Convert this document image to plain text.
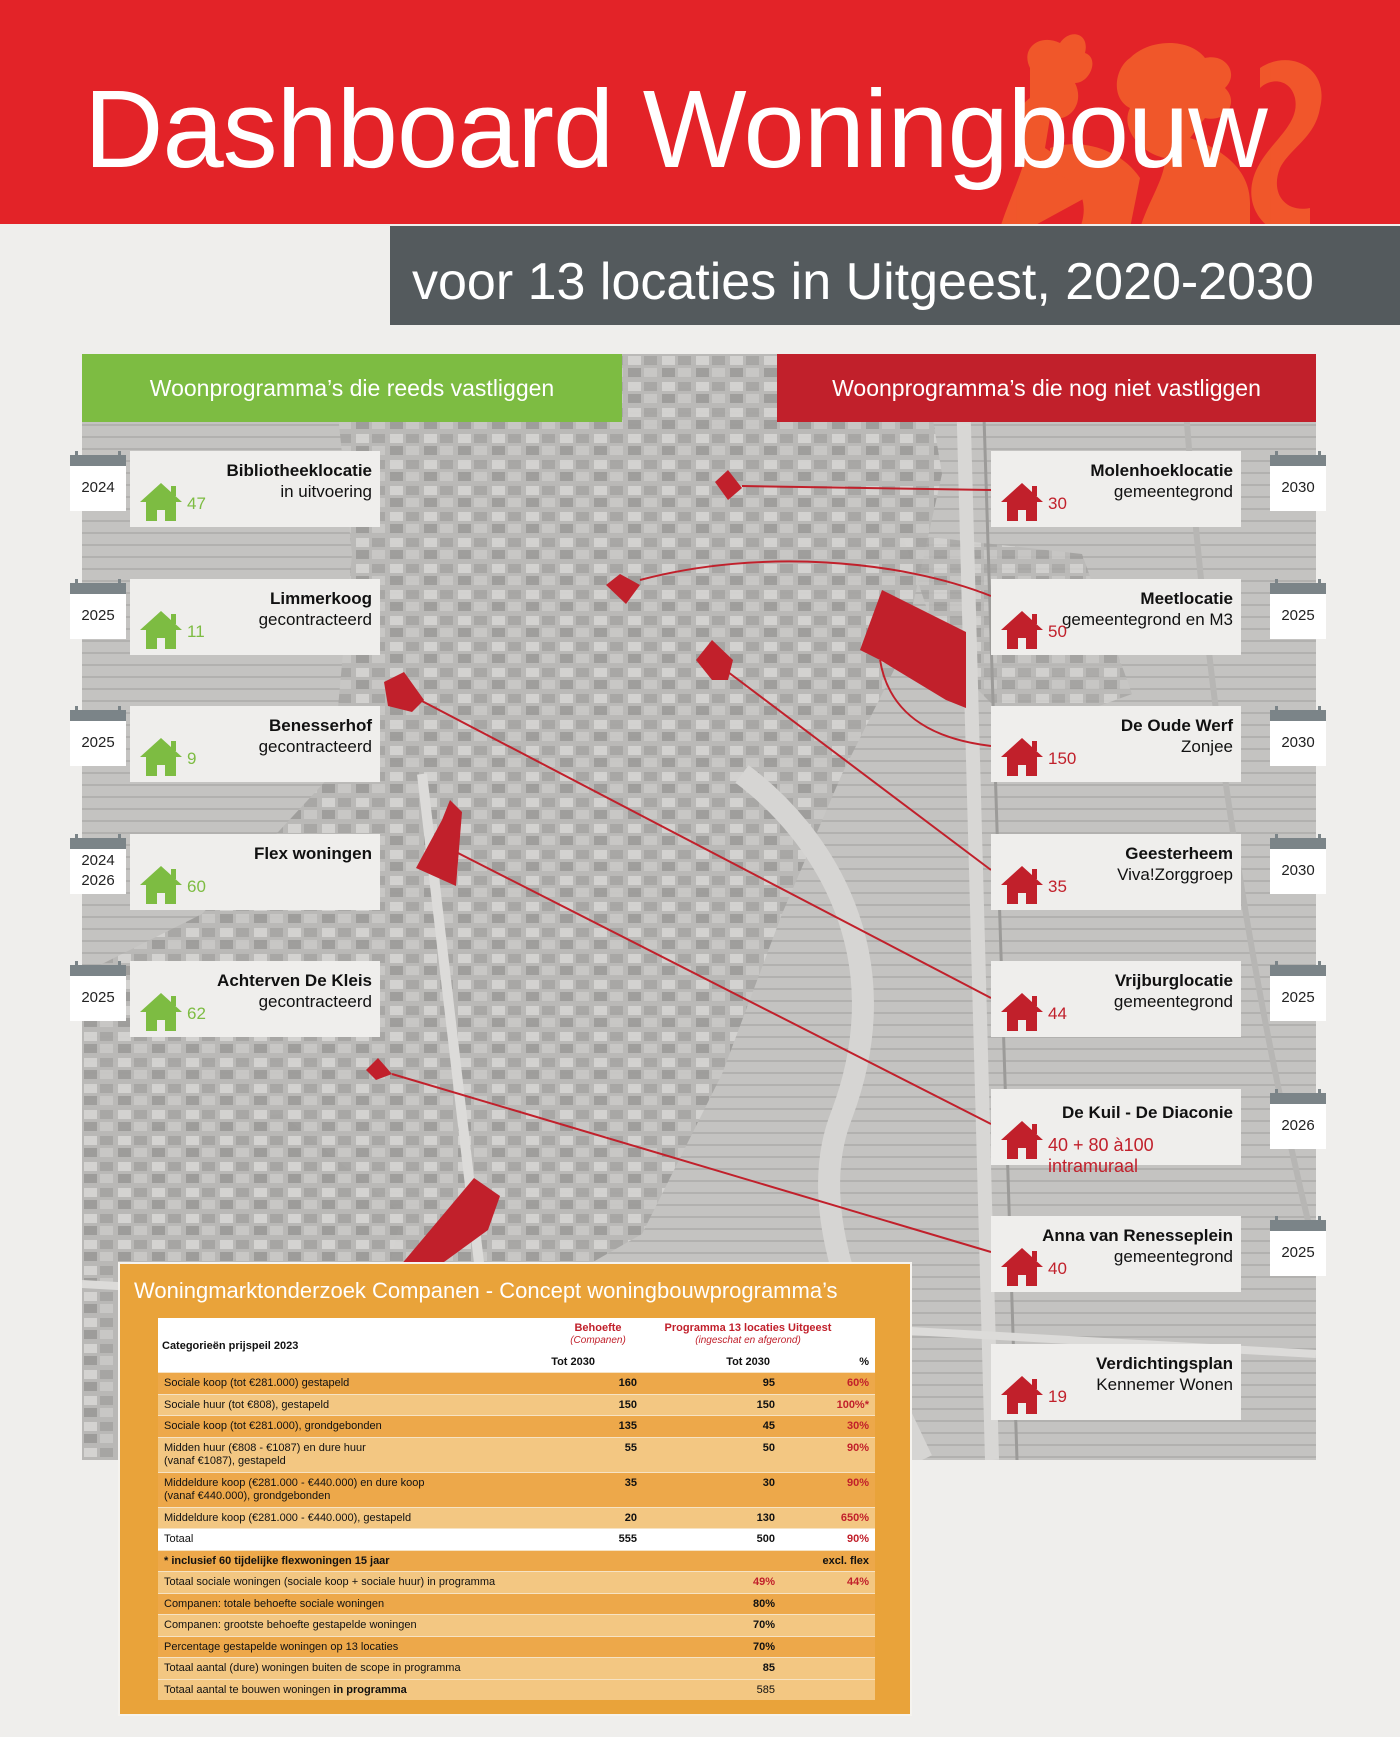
Dashboard Woningbouw
voor 13 locaties in Uitgeest, 2020-2030
Woonprogramma’s die reeds vastliggen	Woonprogramma’s die nog niet vastliggen
2024
Bibliotheeklocatie
in uitvoering
47
2025
Limmerkoog
gecontracteerd
11
2025
Benesserhof
gecontracteerd
9
2026
2024	Flex woningen
60
2025
Achterven De Kleis
gecontracteerd
62
Molenhoeklocatie
gemeentegrond
30
2030
Meetlocatie
gemeentegrond en M3
50
2025
De Oude Werf
Zonjee
150
2030
Geesterheem
Viva!Zorggroep
35
2030
Vrijburglocatie
gemeentegrond
44
2025
De Kuil - De Diaconie
40 + 80 à100 intramuraal
2026
Anna van Renesseplein
gemeentegrond
40
2025
Verdichtingsplan
Kennemer Wonen
19
Woningmarktonderzoek Companen - Concept woningbouwprogramma’s
Categorieën prijspeil 2023
Behoefte
(Companen)
Programma 13 locaties Uitgeest
(ingeschat en afgerond)
Tot 2030	Tot 2030	%
Sociale koop (tot €281.000) gestapeld	160	95	60%
Sociale huur (tot €808), gestapeld	150	150	100%*
Sociale koop (tot €281.000), grondgebonden	135	45	30%
Midden huur (€808 - €1087) en dure huur
(vanaf €1087), gestapeld
55	50	90%
Middeldure koop (€281.000 - €440.000) en dure koop
(vanaf €440.000), grondgebonden
35	30	90%
Middeldure koop (€281.000 - €440.000), gestapeld	20	130	650%
Totaal	555	500	90%
* inclusief 60 tijdelijke flexwoningen 15 jaar	excl. flex
Totaal sociale woningen (sociale koop + sociale huur) in programma	49%	44%
Companen: totale behoefte sociale woningen	80%
Companen: grootste behoefte gestapelde woningen	70%
Percentage gestapelde woningen op 13 locaties	70%
Totaal aantal (dure) woningen buiten de scope in programma	85
Totaal aantal te bouwen woningen in programma	585
